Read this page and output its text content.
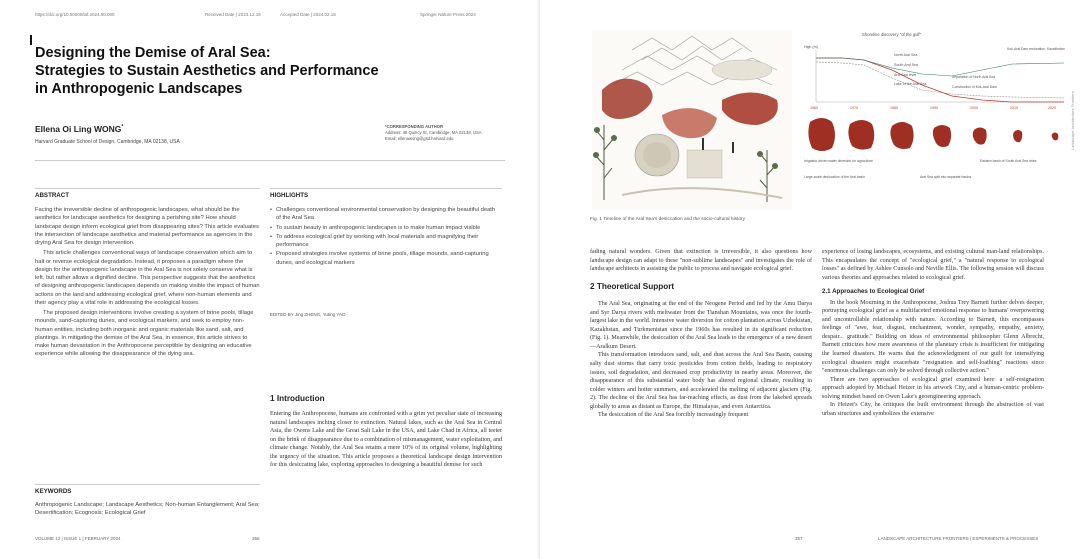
https://doi.org/10.00000/laf.2024.00.000	Received Date | 2023.12.16	Accepted Date | 2024.02.15	Springer Nature Press 2024
Designing the Demise of Aral Sea:
Strategies to Sustain Aesthetics and Performance
in Anthropogenic Landscapes
Ellena Oi Ling WONG*
Harvard Graduate School of Design, Cambridge, MA 02138, USA
*CORRESPONDING AUTHOR
Address: 48 Quincy St, Cambridge, MA 02138, USA
Email: ellenawong@gsd.harvard.edu
ABSTRACT

Facing the irreversible decline of anthropogenic landscapes, what should be the aesthetics for landscape aesthetics for designing a perishing site? How should landscape design inform ecological grief from disappearing sites? This article evaluates the intersection of landscape aesthetics and material performance as agencies in the drying Aral Sea for design intervention.

This article challenges conventional ways of landscape conservation which aim to halt or reverse ecological degradation. Instead, it proposes a paradigm where the design for the anthropogenic landscape in the Aral Sea is not solely conserve what is left, but rather allows a dignified decline. This perspective suggests that the aesthetics of designing anthropogenic landscapes depends on making visible the impact of human actions on the land and addressing ecological grief, where non-human elements and their agency play a vital role in addressing the ecological losses.

The proposed design interventions involve creating a system of brine pools, tillage mounds, sand-capturing dunes, and ecological markers, and seek to employ non-human entities, including both inorganic and organic materials like sand, salt, and plantings. In mitigating the demise of the Aral Sea, in essence, this article strives to make human devastation in the Anthropocene perceptible by designing an educative experience while allowing the disappearance of the dying sea.

HIGHLIGHTS
• Challenges conventional environmental conservation by designing the beautiful death of the Aral Sea
• To sustain beauty in anthropogenic landscapes is to make human impact visible
• To address ecological grief by working with local materials and magnifying their performance
• Proposed strategies involve systems of brine pools, tillage mounds, sand-capturing dunes, and ecological markers
EDITED BY Jing ZHENG, Yuting YAO
KEYWORDS
Anthropogenic Landscape; Landscape Aesthetics; Non-human Entanglement; Aral Sea; Desertification; Ecognosis; Ecological Grief
1 Introduction
Entering the Anthropocene, humans are confronted with a grim yet peculiar state of increasing natural landscapes inching closer to extinction. Natural lakes, such as the Aral Sea in Central Asia, the Owens Lake and the Great Salt Lake in the USA, and Lake Chad in Africa, all teeter on the brink of disappearance due to a combination of mismanagement, water exploitation, and climate change. Notably, the Aral Sea retains a mere 10% of its original volume, highlighting the urgency of the situation. This article proposes a theoretical landscape design intervention for this desiccating lake, exploring approaches to designing a beautiful demise for such
VOLUME 12 | ISSUE 1 | FEBRUARY 2024	356
Shoreline discovery "of the gulf"
High (m)
North Aral Sea
South Aral Sea
Aral Sea level
Lake of the Aral Sea
Separation of North Aral Sea
Construction of Kok-Aral Dam
Kok-Aral Dam restoration, Kazakhstan
1960	1970	1980	1990	2000	2010	2020
Irrigation-driven water diversion for agriculture
Large-scale desiccation of the Aral basin	Aral Sea split into separate basins
Eastern basin of South Aral Sea dries
Fig. 1 Timeline of the Aral Sea's desiccation and the socio-cultural history
Landscape Architecture Frontiers

fading natural wonders. Given that extinction is irreversible, it also questions how landscape design can adapt to these "non-sublime landscapes" and investigates the role of landscape architects in assisting the public to process and navigate ecological grief.

2 Theoretical Support

The Aral Sea, originating at the end of the Neogene Period and fed by the Amu Darya and Syr Darya rivers with meltwater from the Tianshan Mountains, was once the fourth-largest lake in the world. Intensive water diversion for cotton plantation across Uzbekistan, Kazakhstan, and Turkmenistan since the 1960s has resulted in its significant reduction (Fig. 1). Meanwhile, the desiccation of the Aral Sea leads to the emergence of a new desert—Aralkum Desert.

This transformation introduces sand, salt, and dust across the Aral Sea Basin, causing salty dust storms that carry toxic pesticides from cotton fields, leading to respiratory issues, soil degradation, and decreased crop productivity in nearby areas. Moreover, the disappearance of this substantial water body has altered regional climate, resulting in colder winters and hotter summers, and accelerated the melting of adjacent glaciers (Fig. 2). The decline of the Aral Sea has far-reaching effects, as dust from the lakebed spreads globally to areas as distant as Europe, the Himalayas, and even Antarctica.

The desiccation of the Aral Sea forcibly increasingly frequent

experience of losing landscapes, ecosystems, and existing cultural man-land relationships. This encapsulates the concept of "ecological grief," a "natural response to ecological losses" as defined by Ashlee Cunsolo and Neville Ellis. The following session will discuss various theories and approaches related to ecological grief.

2.1 Approaches to Ecological Grief

In the book Mourning in the Anthropocene, Joshua Trey Barnett further delves deeper, portraying ecological grief as a multifaceted emotional response to humans' overpowering and uncontrollable relationship with nature. According to Barnett, this encompasses feelings of "awe, fear, disgust, enchantment, wonder, sympathy, empathy, anxiety, despair... gratitude." Building on ideas of environmental philosopher Glenn Albrecht, Barnett criticizes how mere awareness of the planetary crisis is insufficient for mitigating the learned disasters. He warns that the acknowledgment of our guilt for intensifying ecological disasters might exacerbate "resignation and self-loathing" reactions since "enormous challenges can only be solved through collective action."

There are two approaches of ecological grief examined here: a self-resignation approach adopted by Michael Heizer in his artwork City, and a human-centric problem-solving mindset based on Owen Lake's geoengineering approach.

In Heizer's City, he critiques the built environment through the abstraction of vast urban structures and symbolizes the extensive

357	LANDSCAPE ARCHITECTURE FRONTIERS | EXPERIMENTS & PROCESSES
